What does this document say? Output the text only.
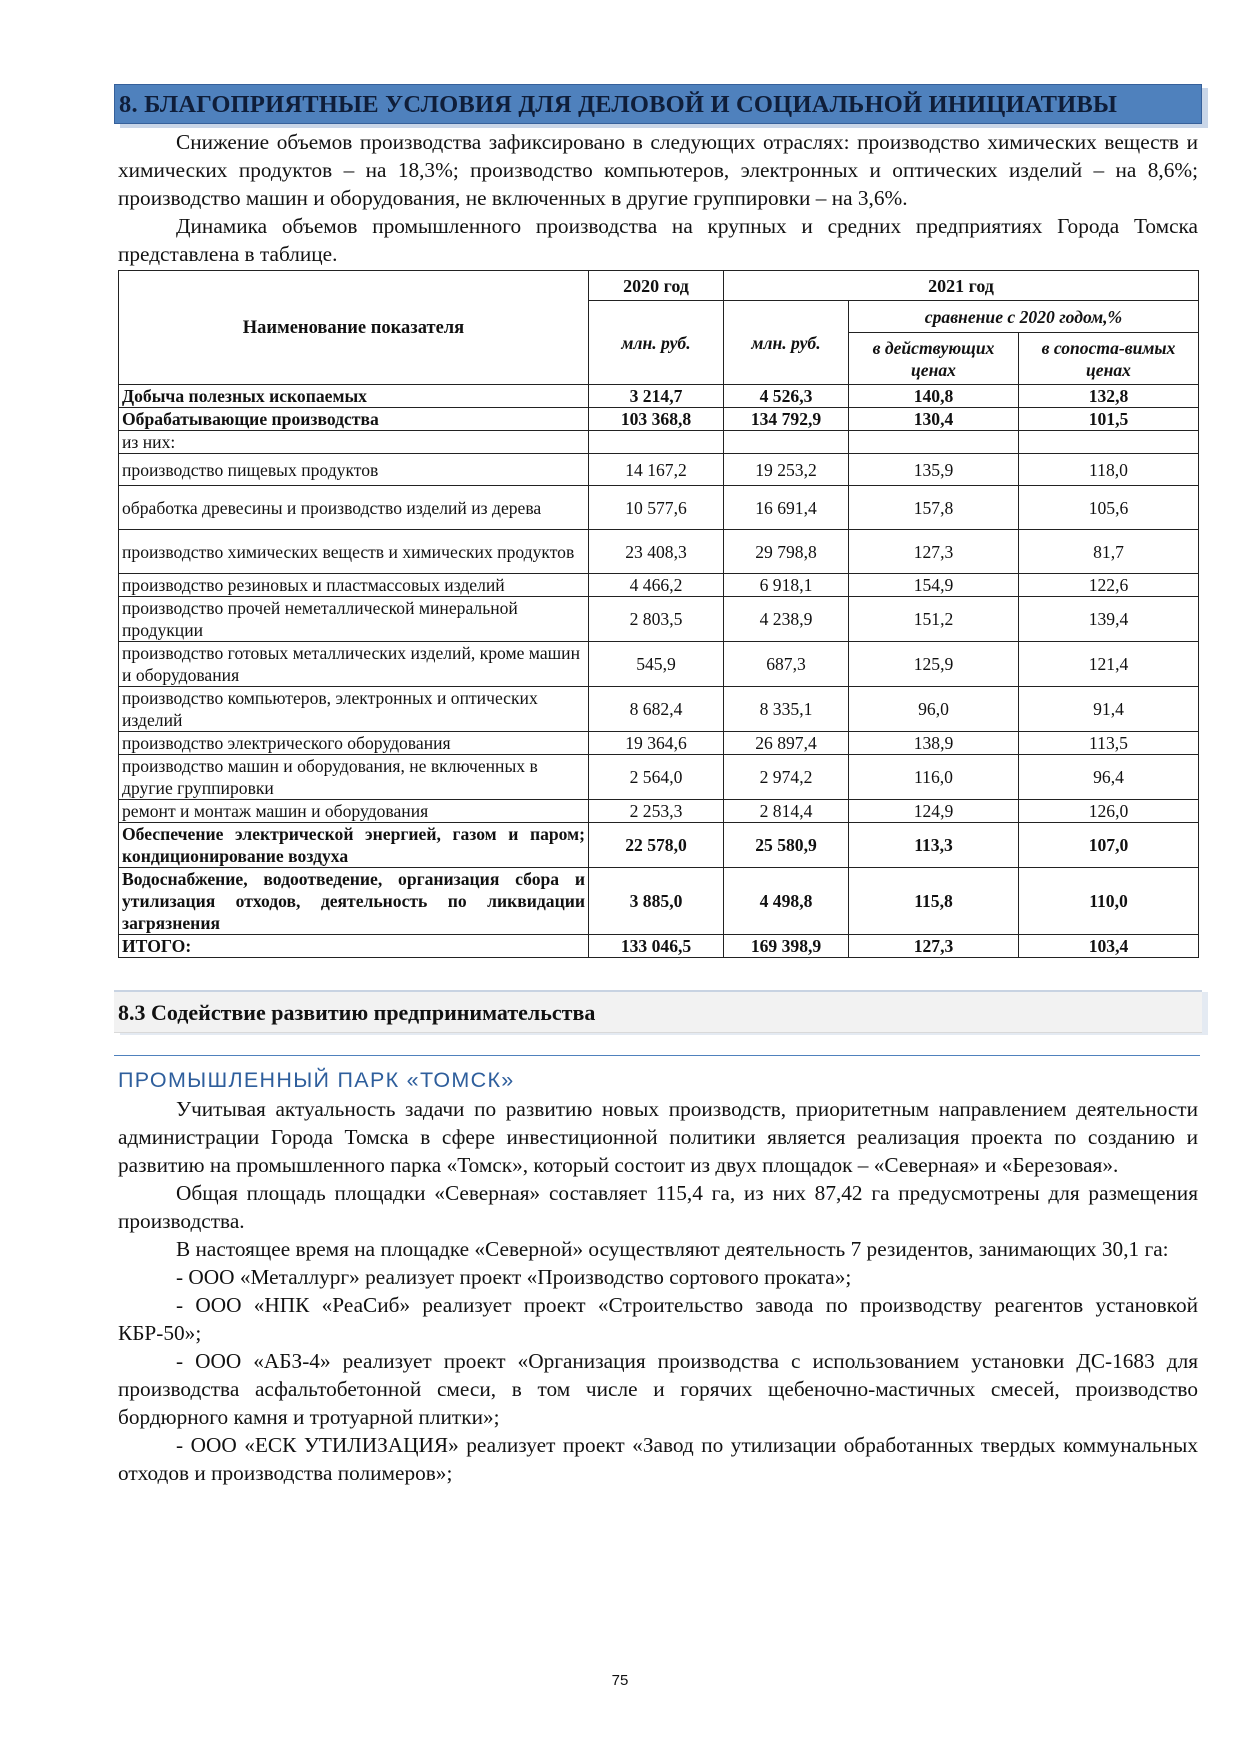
8. БЛАГОПРИЯТНЫЕ УСЛОВИЯ ДЛЯ ДЕЛОВОЙ И СОЦИАЛЬНОЙ ИНИЦИАТИВЫ

Снижение объемов производства зафиксировано в следующих отраслях: производство химических веществ и химических продуктов – на 18,3%; производство компьютеров, электронных и оптических изделий – на 8,6%; производство машин и оборудования, не включенных в другие группировки – на 3,6%.

Динамика объемов промышленного производства на крупных и средних предприятиях Города Томска представлена в таблице.

Наименование показателя	2020 год	2021 год		
	млн. руб.	млн. руб.	сравнение с 2020 годом,%	
			в действующих ценах	в сопоста-вимых ценах
Добыча полезных ископаемых	3 214,7	4 526,3	140,8	132,8
Обрабатывающие производства	103 368,8	134 792,9	130,4	101,5
из них:				
производство пищевых продуктов	14 167,2	19 253,2	135,9	118,0
обработка древесины и производство изделий из дерева	10 577,6	16 691,4	157,8	105,6
производство химических веществ и химических продуктов	23 408,3	29 798,8	127,3	81,7
производство резиновых и пластмассовых изделий	4 466,2	6 918,1	154,9	122,6
производство прочей неметаллической минеральной продукции	2 803,5	4 238,9	151,2	139,4
производство готовых металлических изделий, кроме машин и оборудования	545,9	687,3	125,9	121,4
производство компьютеров, электронных и оптических изделий	8 682,4	8 335,1	96,0	91,4
производство электрического оборудования	19 364,6	26 897,4	138,9	113,5
производство машин и оборудования, не включенных в другие группировки	2 564,0	2 974,2	116,0	96,4
ремонт и монтаж машин и оборудования	2 253,3	2 814,4	124,9	126,0
Обеспечение электрической энергией, газом и паром; кондиционирование воздуха	22 578,0	25 580,9	113,3	107,0
Водоснабжение, водоотведение, организация сбора и утилизация отходов, деятельность по ликвидации загрязнения	3 885,0	4 498,8	115,8	110,0
ИТОГО:	133 046,5	169 398,9	127,3	103,4
8.3 Содействие развитию предпринимательства
ПРОМЫШЛЕННЫЙ ПАРК «ТОМСК»

Учитывая актуальность задачи по развитию новых производств, приоритетным направлением деятельности администрации Города Томска в сфере инвестиционной политики является реализация проекта по созданию и развитию на промышленного парка «Томск», который состоит из двух площадок – «Северная» и «Березовая».

Общая площадь площадки «Северная» составляет 115,4 га, из них 87,42 га предусмотрены для размещения производства.

В настоящее время на площадке «Северной» осуществляют деятельность 7 резидентов, занимающих 30,1 га:

- ООО «Металлург» реализует проект «Производство сортового проката»;

- ООО «НПК «РеаСиб» реализует проект «Строительство завода по производству реагентов установкой КБР-50»;

- ООО «АБЗ-4» реализует проект «Организация производства с использованием установки ДС-1683 для производства асфальтобетонной смеси, в том числе и горячих щебеночно-мастичных смесей, производство бордюрного камня и тротуарной плитки»;

- ООО «ЕСК УТИЛИЗАЦИЯ» реализует проект «Завод по утилизации обработанных твердых коммунальных отходов и производства полимеров»;

75
